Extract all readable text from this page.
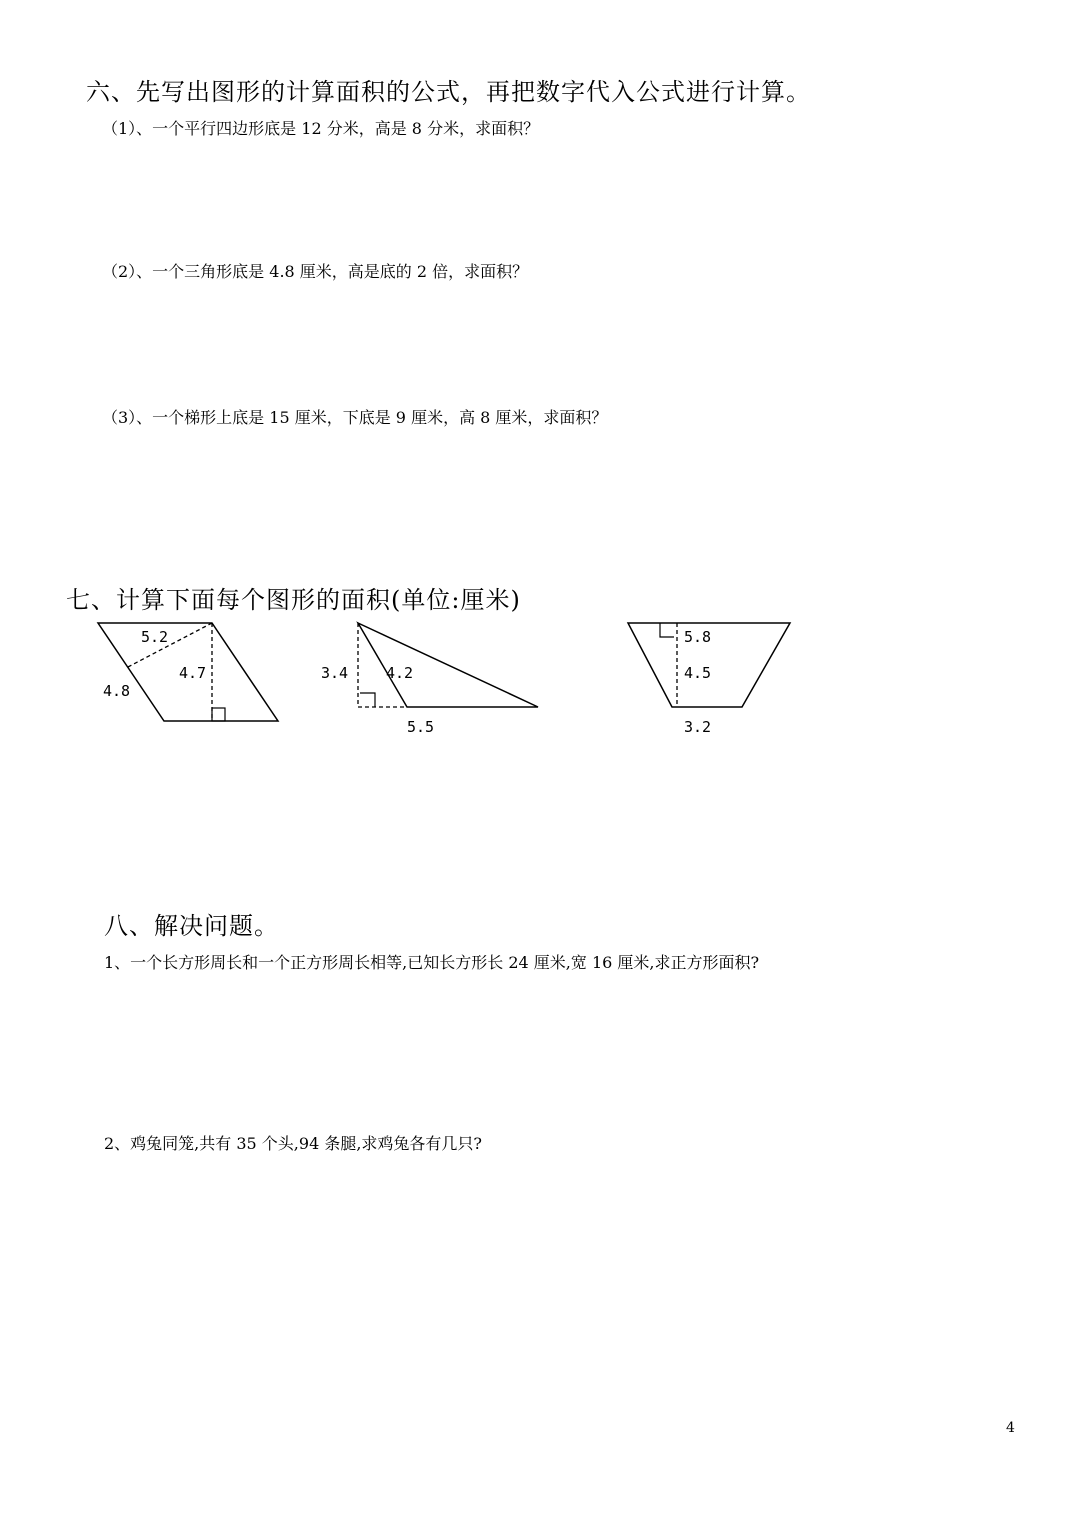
六、先写出图形的计算面积的公式，再把数字代入公式进行计算。
（1）、一个平行四边形底是 12 分米，高是 8 分米，求面积？
（2）、一个三角形底是 4.8 厘米，高是底的 2 倍，求面积？
（3）、一个梯形上底是 15 厘米，下底是 9 厘米，高 8 厘米，求面积？
七、计算下面每个图形的面积(单位:厘米)
5.2
4.7
4.8
3.4	4.2
5.5
5.8
4.5
3.2
八、解决问题。
1、一个长方形周长和一个正方形周长相等,已知长方形长 24 厘米,宽 16 厘米,求正方形面积?
2、鸡兔同笼,共有 35 个头,94 条腿,求鸡兔各有几只?
4
